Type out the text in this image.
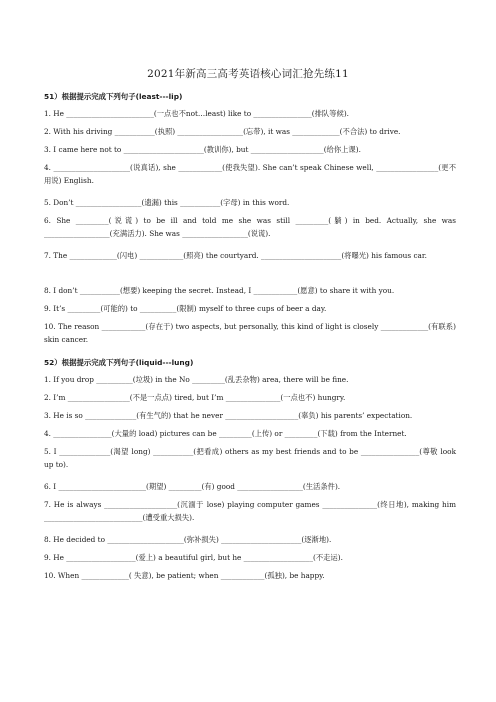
2021年新高三高考英语核心词汇抢先练11
51）根据提示完成下列句子(least---lip)
1. He ________________________(一点也不not…least) like to ________________(排队等候).
2. With his driving ___________(执照) __________________(忘带), it was _____________(不合法) to drive.
3. I came here not to ______________________(教训你), but ____________________(给你上课).
4. _____________________(说真话), she ____________(使我失望). She can’t speak Chinese well, _________________(更不用说) English.
5. Don’t __________________(遗漏) this ___________(字母) in this word.
6. She _________(说谎) to be ill and told me she was still _________(躺) in bed. Actually, she was __________________(充满活力). She was __________________(说谎).
7. The _____________(闪电) ____________(照亮) the courtyard. ______________________(将曝光) his famous car.
8. I don’t ___________(想要) keeping the secret. Instead, I ____________(愿意) to share it with you.
9. It’s _________(可能的) to __________(限制) myself to three cups of beer a day.
10. The reason ____________(存在于) two aspects, but personally, this kind of light is closely _____________(有联系) skin cancer.
52）根据提示完成下列句子(liquid---lung)
1. If you drop __________(垃圾) in the No _________(乱丢杂物) area, there will be fine.
2. I’m _________________(不是一点点) tired, but I’m _______________(一点也不) hungry.
3. He is so ______________(有生气的) that he never ____________________(辜负) his parents’ expectation.
4. ________________(大量的 load) pictures can be _________(上传) or _________(下载) from the Internet.
5. I ______________(渴望 long) ___________(把看成) others as my best friends and to be ________________(尊敬 look up to).
6. I ________________________(期望) _________(有) good __________________(生活条件).
7. He is always ____________________(沉湎于 lose) playing computer games _______________(终日地), making him ___________________________(遭受重大损失).
8. He decided to _____________________(弥补损失) ______________________(逐渐地).
9. He ___________________(爱上) a beautiful girl, but he ___________________(不走运).
10. When _____________( 失意), be patient; when ____________(孤独), be happy.
